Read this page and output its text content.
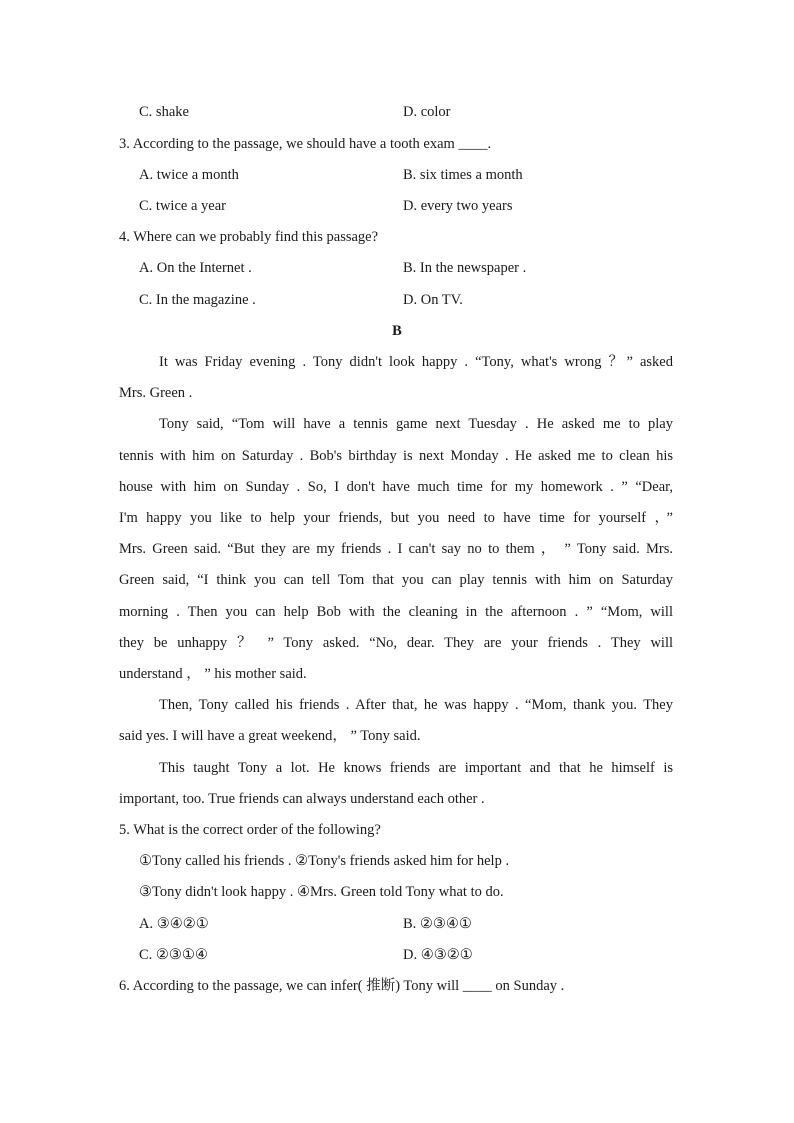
C. shake	D. color
3. According to the passage, we should have a tooth exam ____.
A. twice a month	B. six times a month
C. twice a year	D. every two years
4. Where can we probably find this passage?
A. On the Internet .	B. In the newspaper .
C. In the magazine .	D. On TV.
B
It was Friday evening . Tony didn't look happy . “Tony, what's wrong ？” asked
Mrs. Green .
Tony said, “Tom will have a tennis game next Tuesday . He asked me to play
tennis with him on Saturday . Bob's birthday is next Monday . He asked me to clean his
house with him on Sunday . So, I don't have much time for my homework . ” “Dear,
I'm happy you like to help your friends, but you need to have time for yourself ，”
Mrs. Green said. “But they are my friends . I can't say no to them ， ” Tony said. Mrs.
Green said, “I think you can tell Tom that you can play tennis with him on Saturday
morning . Then you can help Bob with the cleaning in the afternoon . ” “Mom, will
they be unhappy ？ ” Tony asked. “No, dear. They are your friends . They will
understand ， ” his mother said.
Then, Tony called his friends . After that, he was happy . “Mom, thank you. They
said yes. I will have a great weekend， ” Tony said.
This taught Tony a lot. He knows friends are important and that he himself is
important, too. True friends can always understand each other .
5. What is the correct order of the following?
①Tony called his friends . ②Tony's friends asked him for help .
③Tony didn't look happy . ④Mrs. Green told Tony what to do.
A. ③④②①	B. ②③④①
C. ②③①④	D. ④③②①
6. According to the passage, we can infer( 推断) Tony will ____ on Sunday .
